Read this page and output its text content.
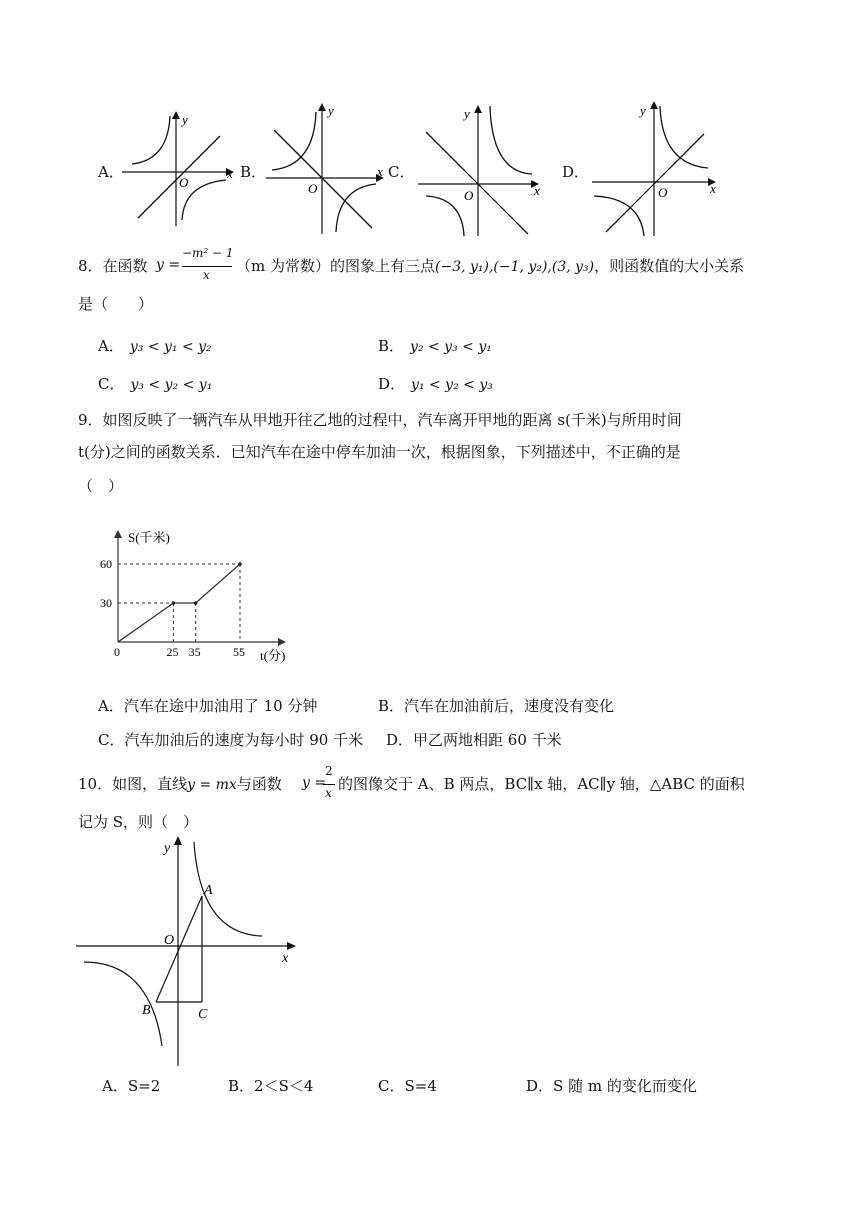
A．
y
x
O
B．
y
x
O
C．
y
x
O
D．
y
x
O
8．在函数 y =
−m² − 1
x （m 为常数）的图象上有三点(−3, y₁),(−1, y₂),(3, y₃)，则函数值的大小关系
是（　　）
A． y₃ < y₁ < y₂	B． y₂ < y₃ < y₁
C． y₃ < y₂ < y₁	D． y₁ < y₂ < y₃
9．如图反映了一辆汽车从甲地开往乙地的过程中，汽车离开甲地的距离 s(千米)与所用时间
t(分)之间的函数关系．已知汽车在途中停车加油一次，根据图象，下列描述中，不正确的是
（　）
0	25 35	55
30
60
S(千米)
t(分)
A．汽车在途中加油用了 10 分钟	B．汽车在加油前后，速度没有变化
C．汽车加油后的速度为每小时 90 千米 D．甲乙两地相距 60 千米
10．如图，直线y = mx与函数 y =
2
x 的图像交于 A、B 两点，BC∥x 轴，AC∥y 轴，△ABC 的面积
记为 S，则（　）
y
x
O
A
B	C
A．S=2	B．2＜S＜4	C．S=4	D．S 随 m 的变化而变化
